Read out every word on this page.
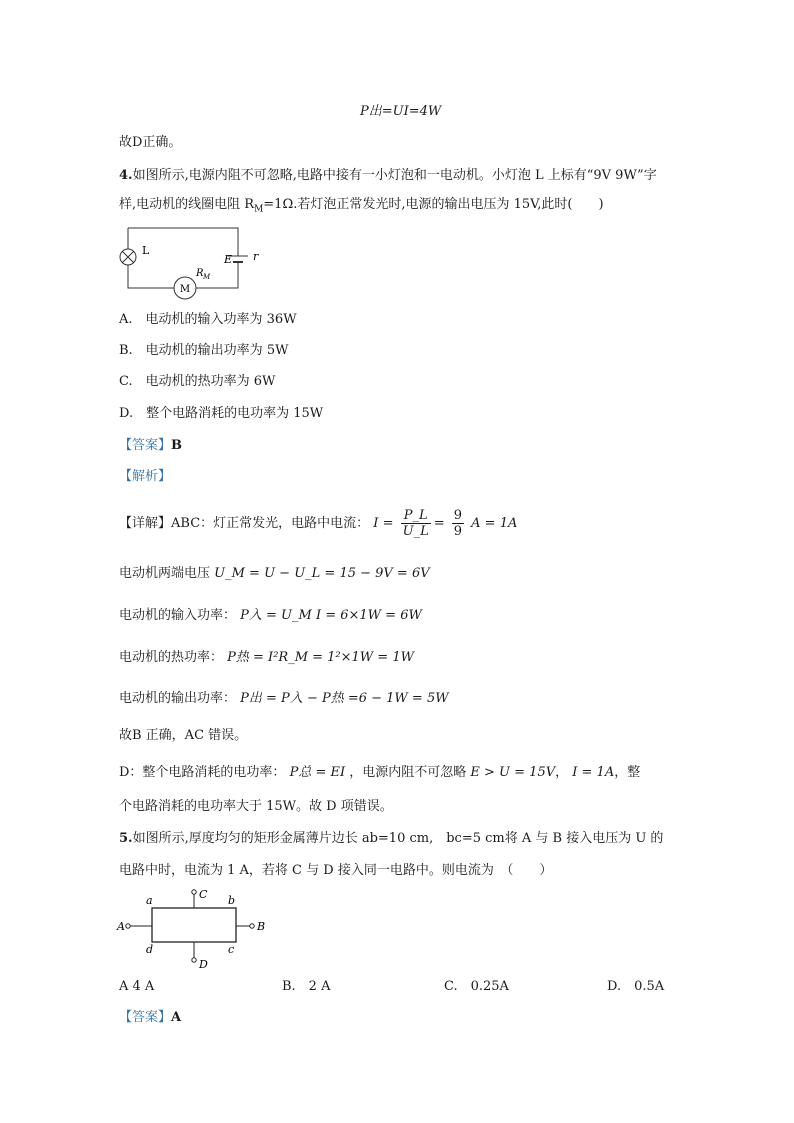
P出=UI=4W
故D正确。
4.如图所示,电源内阻不可忽略,电路中接有一小灯泡和一电动机。小灯泡 L 上标有“9V 9W”字
样,电动机的线圈电阻 $R_M=1\Omega$.若灯泡正常发光时,电源的输出电压为 15V,此时(　　)
L
E r
M
R M
A.　电动机的输入功率为 36W
B.　电动机的输出功率为 5W
C.　电动机的热功率为 6W
D.　整个电路消耗的电功率为 15W
【答案】B
【解析】
【详解】ABC：灯正常发光，电路中电流： $I = \frac{P\_L}{U\_L} = \frac{9}{9}$ A = 1A
电动机两端电压 U_M = U − U_L = 15 − 9V = 6V
电动机的输入功率： P入 = U_M I = 6×1W = 6W
电动机的热功率： P热 = I²R_M = 1²×1W = 1W
电动机的输出功率： P出 = P入 − P热 =6 − 1W = 5W
故B 正确，AC 错误。
D：整个电路消耗的电功率： P总 = EI ，电源内阻不可忽略 E > U = 15V， I = 1A，整
个电路消耗的电功率大于 15W。故 D 项错误。
5.如图所示,厚度均匀的矩形金属薄片边长 ab=10 cm,　bc=5 cm将 A 与 B 接入电压为 U 的
电路中时，电流为 1 A，若将 C 与 D 接入同一电路中。则电流为　（　　）
a	b
c
d
A	B
C
D
A 4 A	B.　2 A	C.　0.25A	D.　0.5A
【答案】A
